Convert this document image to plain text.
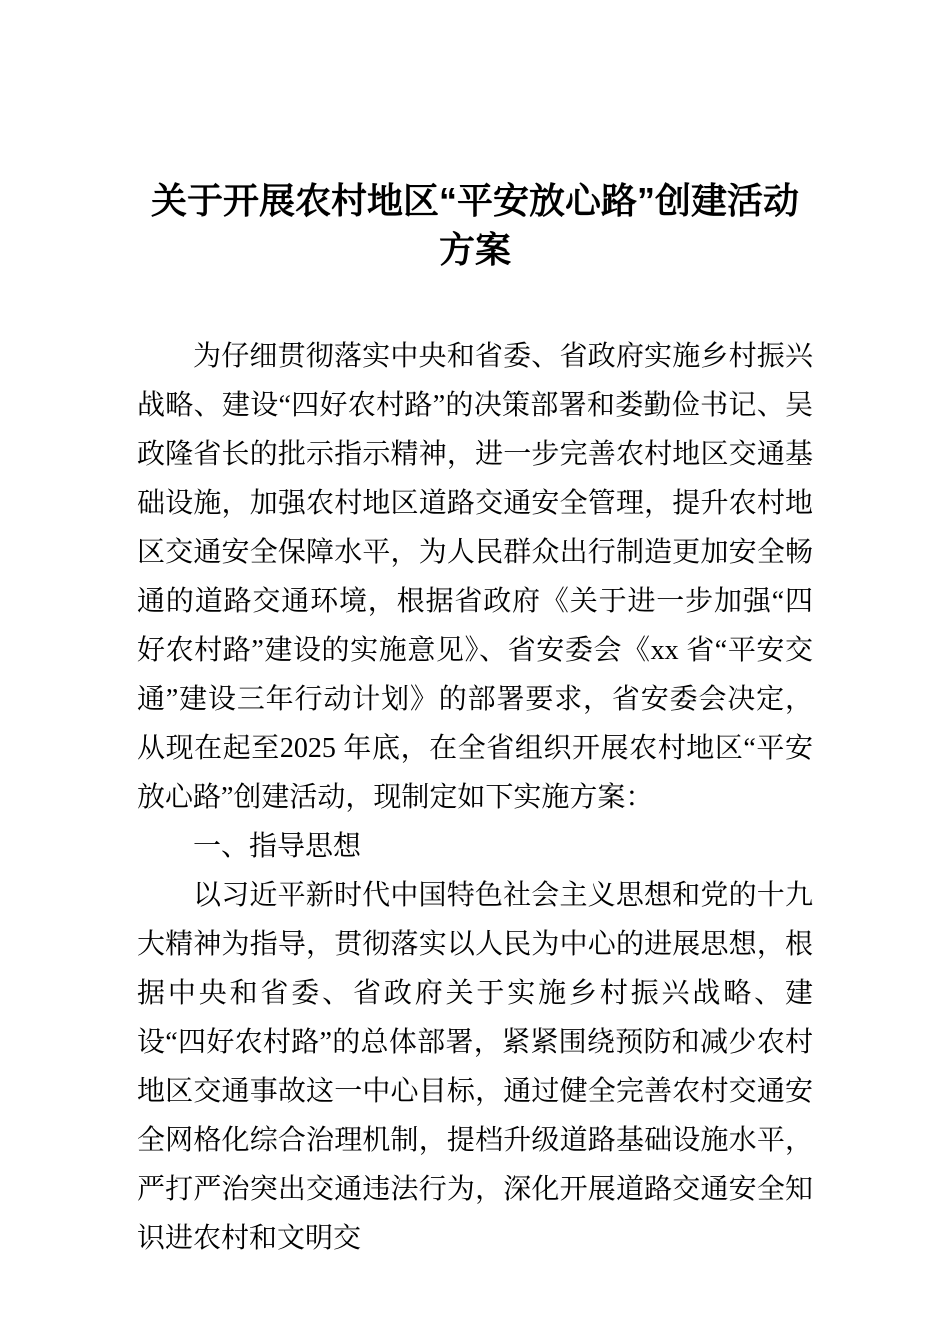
关于开展农村地区“平安放心路”创建活动方案

为仔细贯彻落实中央和省委、省政府实施乡村振兴战略、建设“四好农村路”的决策部署和娄勤俭书记、吴政隆省长的批示指示精神，进一步完善农村地区交通基础设施，加强农村地区道路交通安全管理，提升农村地区交通安全保障水平，为人民群众出行制造更加安全畅通的道路交通环境，根据省政府《关于进一步加强“四好农村路”建设的实施意见》、省安委会《xx 省“平安交通”建设三年行动计划》的部署要求，省安委会决定，从现在起至2025 年底，在全省组织开展农村地区“平安放心路”创建活动，现制定如下实施方案：

一、指导思想

以习近平新时代中国特色社会主义思想和党的十九大精神为指导，贯彻落实以人民为中心的进展思想，根据中央和省委、省政府关于实施乡村振兴战略、建设“四好农村路”的总体部署，紧紧围绕预防和减少农村地区交通事故这一中心目标，通过健全完善农村交通安全网格化综合治理机制，提档升级道路基础设施水平，严打严治突出交通违法行为，深化开展道路交通安全知识进农村和文明交
